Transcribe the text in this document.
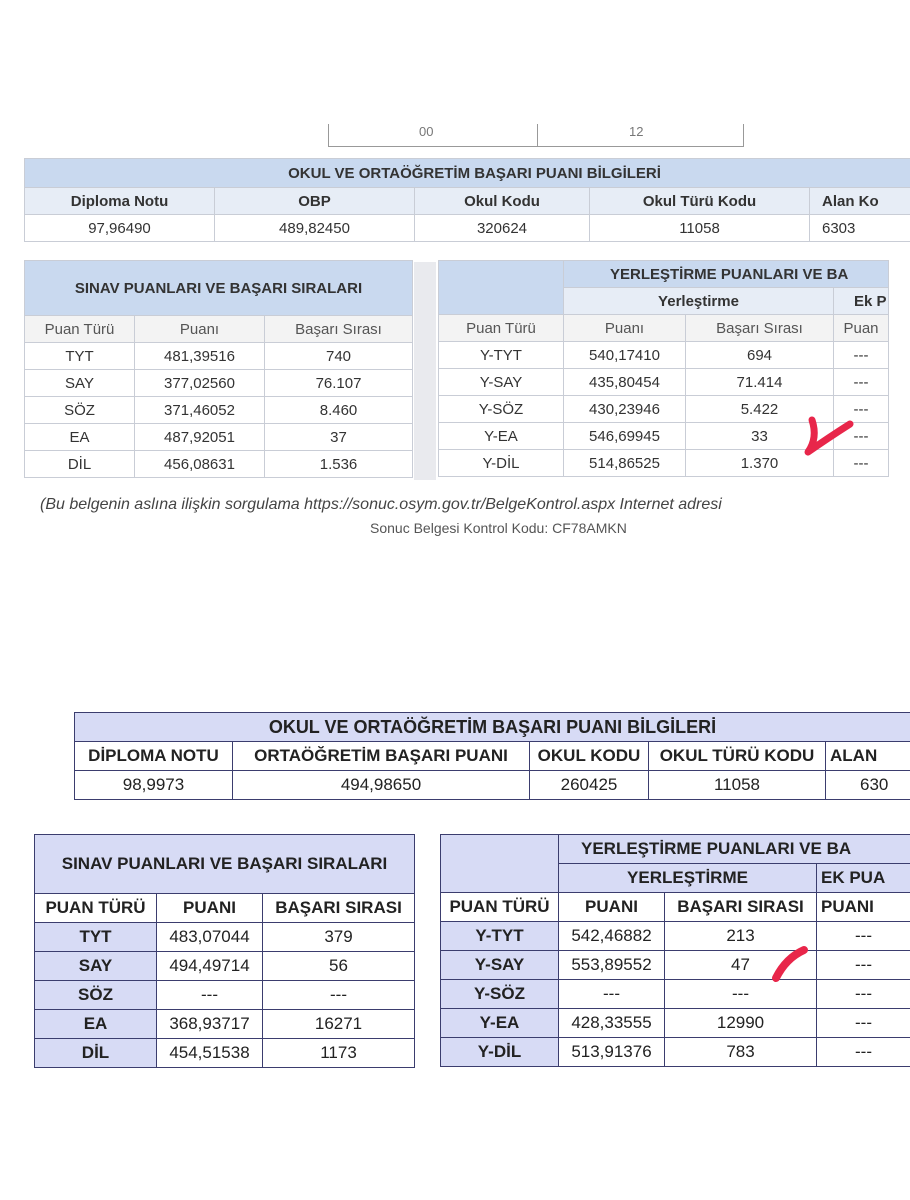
00	12
OKUL VE ORTAÖĞRETİM BAŞARI PUANI BİLGİLERİ				
Diploma Notu	OBP	Okul Kodu	Okul Türü Kodu	Alan Ko
97,96490	489,82450	320624	11058	6303
SINAV PUANLARI VE BAŞARI SIRALARI		
Puan Türü	Puanı	Başarı Sırası
TYT	481,39516	740
SAY	377,02560	76.107
SÖZ	371,46052	8.460
EA	487,92051	37
DİL	456,08631	1.536
	YERLEŞTİRME PUANLARI VE BA		
	Yerleştirme		Ek P
Puan Türü	Puanı	Başarı Sırası	Puan
Y-TYT	540,17410	694	---
Y-SAY	435,80454	71.414	---
Y-SÖZ	430,23946	5.422	---
Y-EA	546,69945	33	---
Y-DİL	514,86525	1.370	---
(Bu belgenin aslına ilişkin sorgulama https://sonuc.osym.gov.tr/BelgeKontrol.aspx Internet adresi
Sonuc Belgesi Kontrol Kodu: CF78AMKN
OKUL VE ORTAÖĞRETİM BAŞARI PUANI BİLGİLERİ				
DİPLOMA NOTU	ORTAÖĞRETİM BAŞARI PUANI	OKUL KODU	OKUL TÜRÜ KODU	ALAN
98,9973	494,98650	260425	11058	630
SINAV PUANLARI VE BAŞARI SIRALARI		
PUAN TÜRÜ	PUANI	BAŞARI SIRASI
TYT	483,07044	379
SAY	494,49714	56
SÖZ	---	---
EA	368,93717	16271
DİL	454,51538	1173
	YERLEŞTİRME PUANLARI VE BA		
	YERLEŞTİRME		EK PUA
PUAN TÜRÜ	PUANI	BAŞARI SIRASI	PUANI
Y-TYT	542,46882	213	---
Y-SAY	553,89552	47	---
Y-SÖZ	---	---	---
Y-EA	428,33555	12990	---
Y-DİL	513,91376	783	---
